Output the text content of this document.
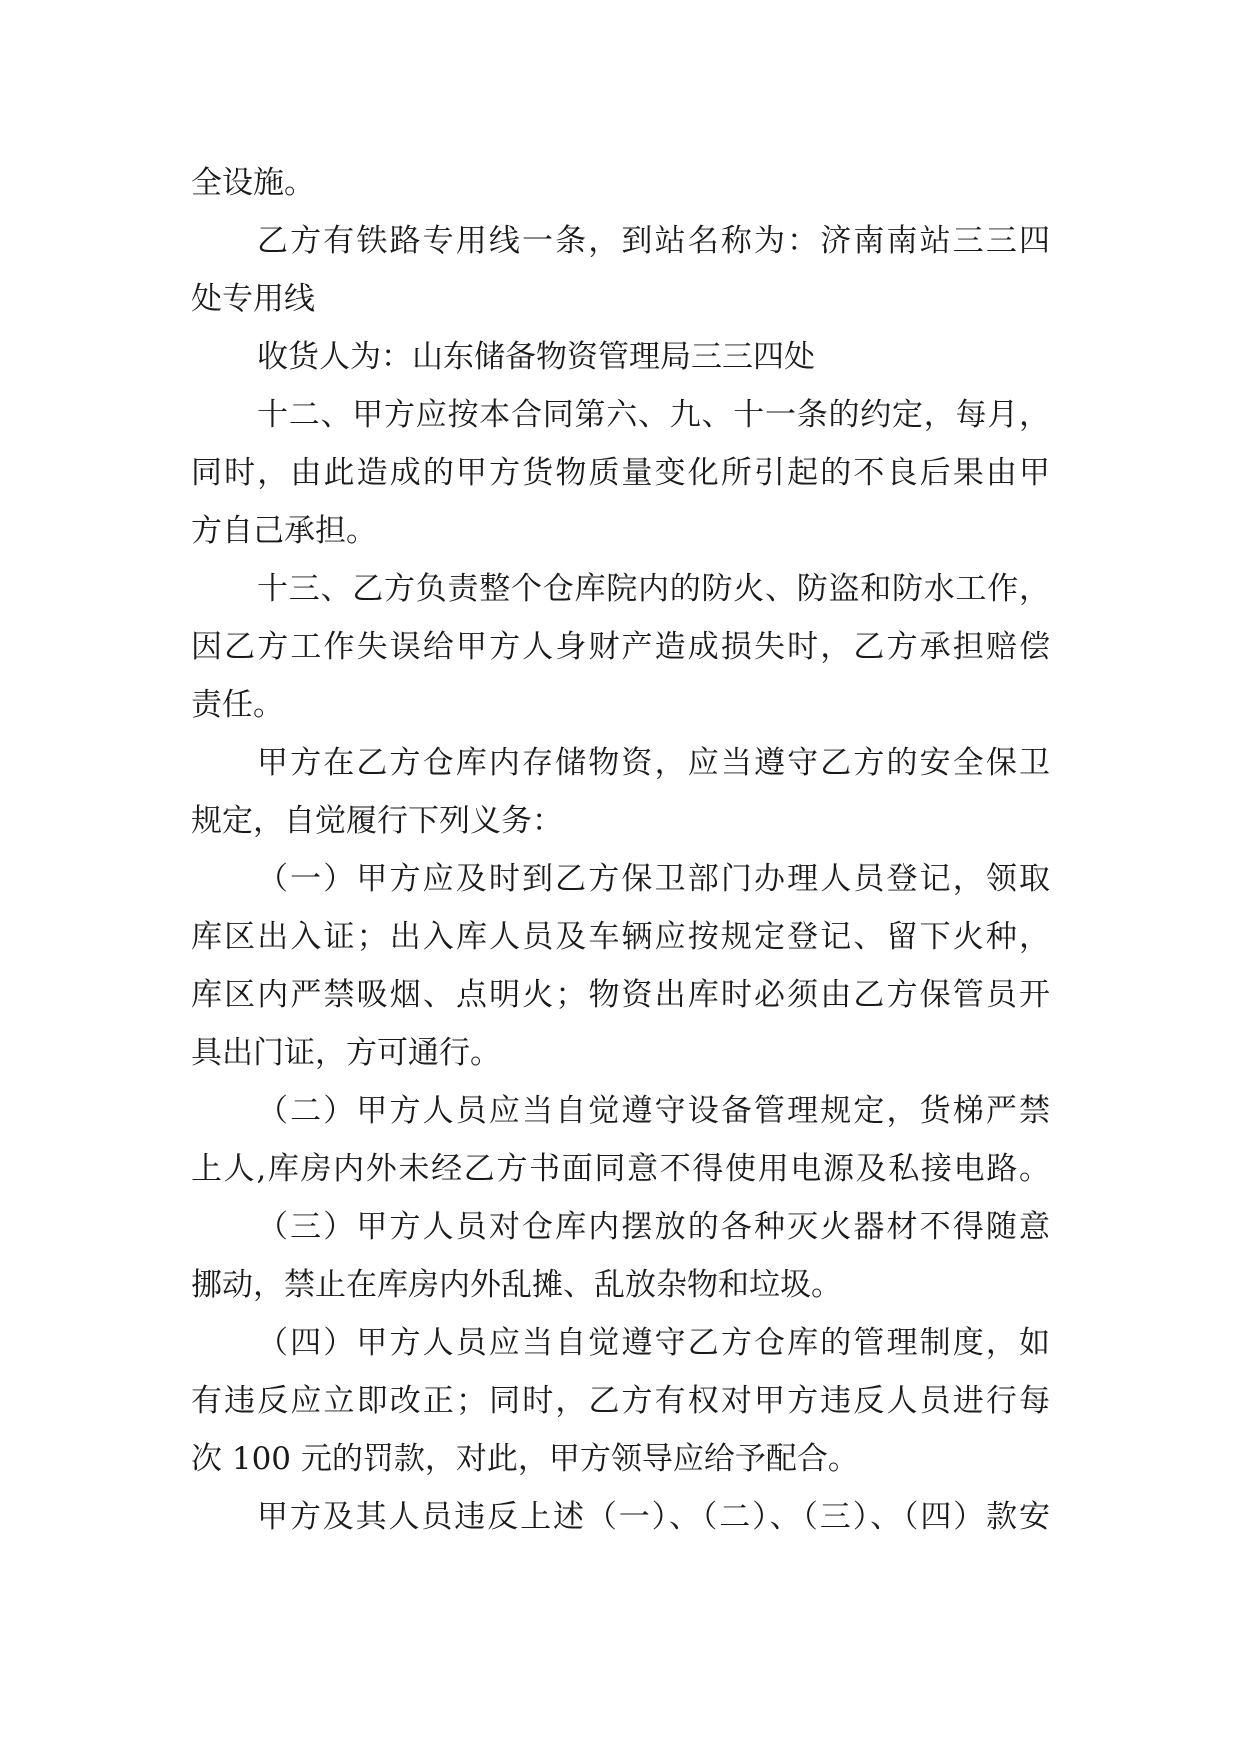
全设施。
乙方有铁路专用线一条，到站名称为：济南南站三三四
处专用线
收货人为：山东储备物资管理局三三四处
十二、甲方应按本合同第六、九、十一条的约定，每月，
同时，由此造成的甲方货物质量变化所引起的不良后果由甲
方自己承担。
十三、乙方负责整个仓库院内的防火、防盗和防水工作，
因乙方工作失误给甲方人身财产造成损失时，乙方承担赔偿
责任。
甲方在乙方仓库内存储物资，应当遵守乙方的安全保卫
规定，自觉履行下列义务：
（一）甲方应及时到乙方保卫部门办理人员登记，领取
库区出入证；出入库人员及车辆应按规定登记、留下火种，
库区内严禁吸烟、点明火；物资出库时必须由乙方保管员开
具出门证，方可通行。
（二）甲方人员应当自觉遵守设备管理规定，货梯严禁
上人,库房内外未经乙方书面同意不得使用电源及私接电路。
（三）甲方人员对仓库内摆放的各种灭火器材不得随意
挪动，禁止在库房内外乱摊、乱放杂物和垃圾。
（四）甲方人员应当自觉遵守乙方仓库的管理制度，如
有违反应立即改正；同时，乙方有权对甲方违反人员进行每
次 100 元的罚款，对此，甲方领导应给予配合。
甲方及其人员违反上述（一）、（二）、（三）、（四）款安
